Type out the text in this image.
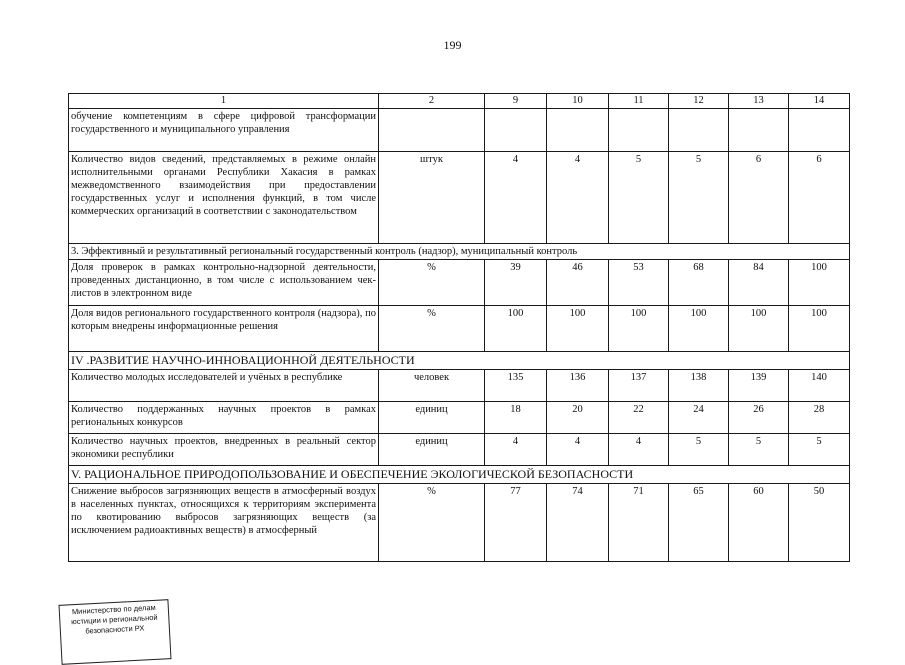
199
1	2	9	10	11	12	13	14
обучение компетенциям в сфере цифровой трансформации государственного и муниципального управления							
Количество видов сведений, представляемых в режиме онлайн исполнительными органами Республики Хакасия в рамках межведомственного взаимодействия при предоставлении государственных услуг и исполнения функций, в том числе коммерческих организаций в соответствии с законодательством	штук	4	4	5	5	6	6
3. Эффективный и результативный региональный государственный контроль (надзор), муниципальный контроль							
Доля проверок в рамках контрольно-надзорной деятельности, проведенных дистанционно, в том числе с использованием чек-листов в электронном виде	%	39	46	53	68	84	100
Доля видов регионального государственного контроля (надзора), по которым внедрены информационные решения	%	100	100	100	100	100	100
IV .РАЗВИТИЕ НАУЧНО-ИННОВАЦИОННОЙ ДЕЯТЕЛЬНОСТИ							
Количество молодых исследователей и учёных в республике	человек	135	136	137	138	139	140
Количество поддержанных научных проектов в рамках региональных конкурсов	единиц	18	20	22	24	26	28
Количество научных проектов, внедренных в реальный сектор экономики республики	единиц	4	4	4	5	5	5
V. РАЦИОНАЛЬНОЕ ПРИРОДОПОЛЬЗОВАНИЕ И ОБЕСПЕЧЕНИЕ ЭКОЛОГИЧЕСКОЙ БЕЗОПАСНОСТИ							
Снижение выбросов загрязняющих веществ в атмосферный воздух в населенных пунктах, относящихся к территориям эксперимента по квотированию выбросов загрязняющих веществ (за исключением радиоактивных веществ) в атмосферный	%	77	74	71	65	60	50
Министерство по делам
юстиции и региональной
безопасности РХ
